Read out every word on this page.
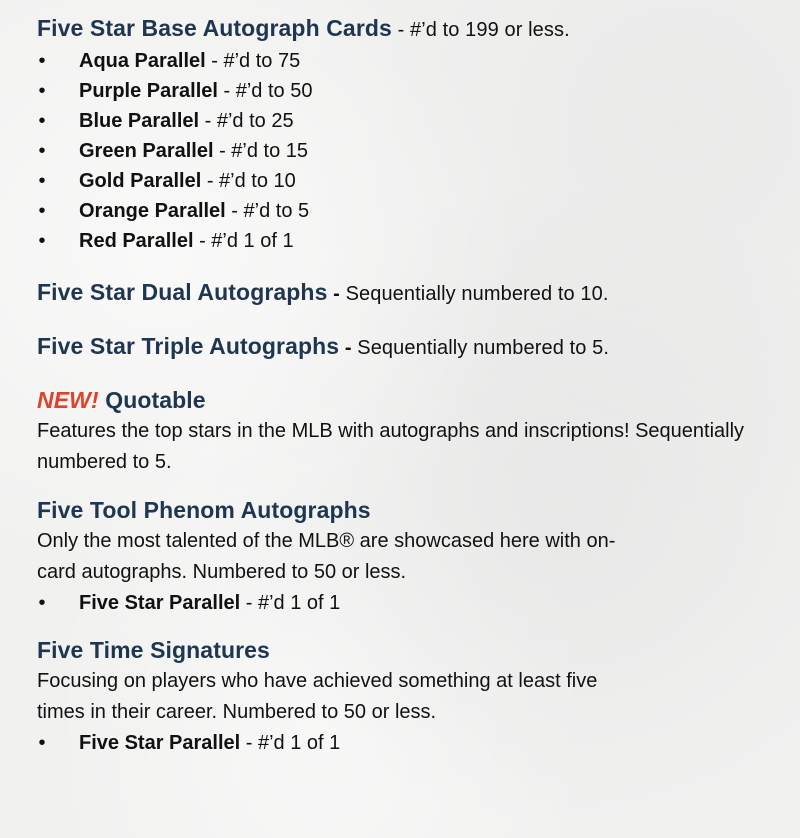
Five Star Base Autograph Cards - #’d to 199 or less.
• Aqua Parallel - #’d to 75
• Purple Parallel - #’d to 50
• Blue Parallel - #’d to 25
• Green Parallel - #’d to 15
• Gold Parallel - #’d to 10
• Orange Parallel - #’d to 5
• Red Parallel - #’d 1 of 1
Five Star Dual Autographs - Sequentially numbered to 10.
Five Star Triple Autographs - Sequentially numbered to 5.
NEW! Quotable
Features the top stars in the MLB with autographs and inscriptions! Sequentially numbered to 5.
Five Tool Phenom Autographs
Only the most talented of the MLB® are showcased here with on-
card autographs. Numbered to 50 or less.
• Five Star Parallel - #’d 1 of 1
Five Time Signatures
Focusing on players who have achieved something at least five
times in their career. Numbered to 50 or less.
• Five Star Parallel - #’d 1 of 1
